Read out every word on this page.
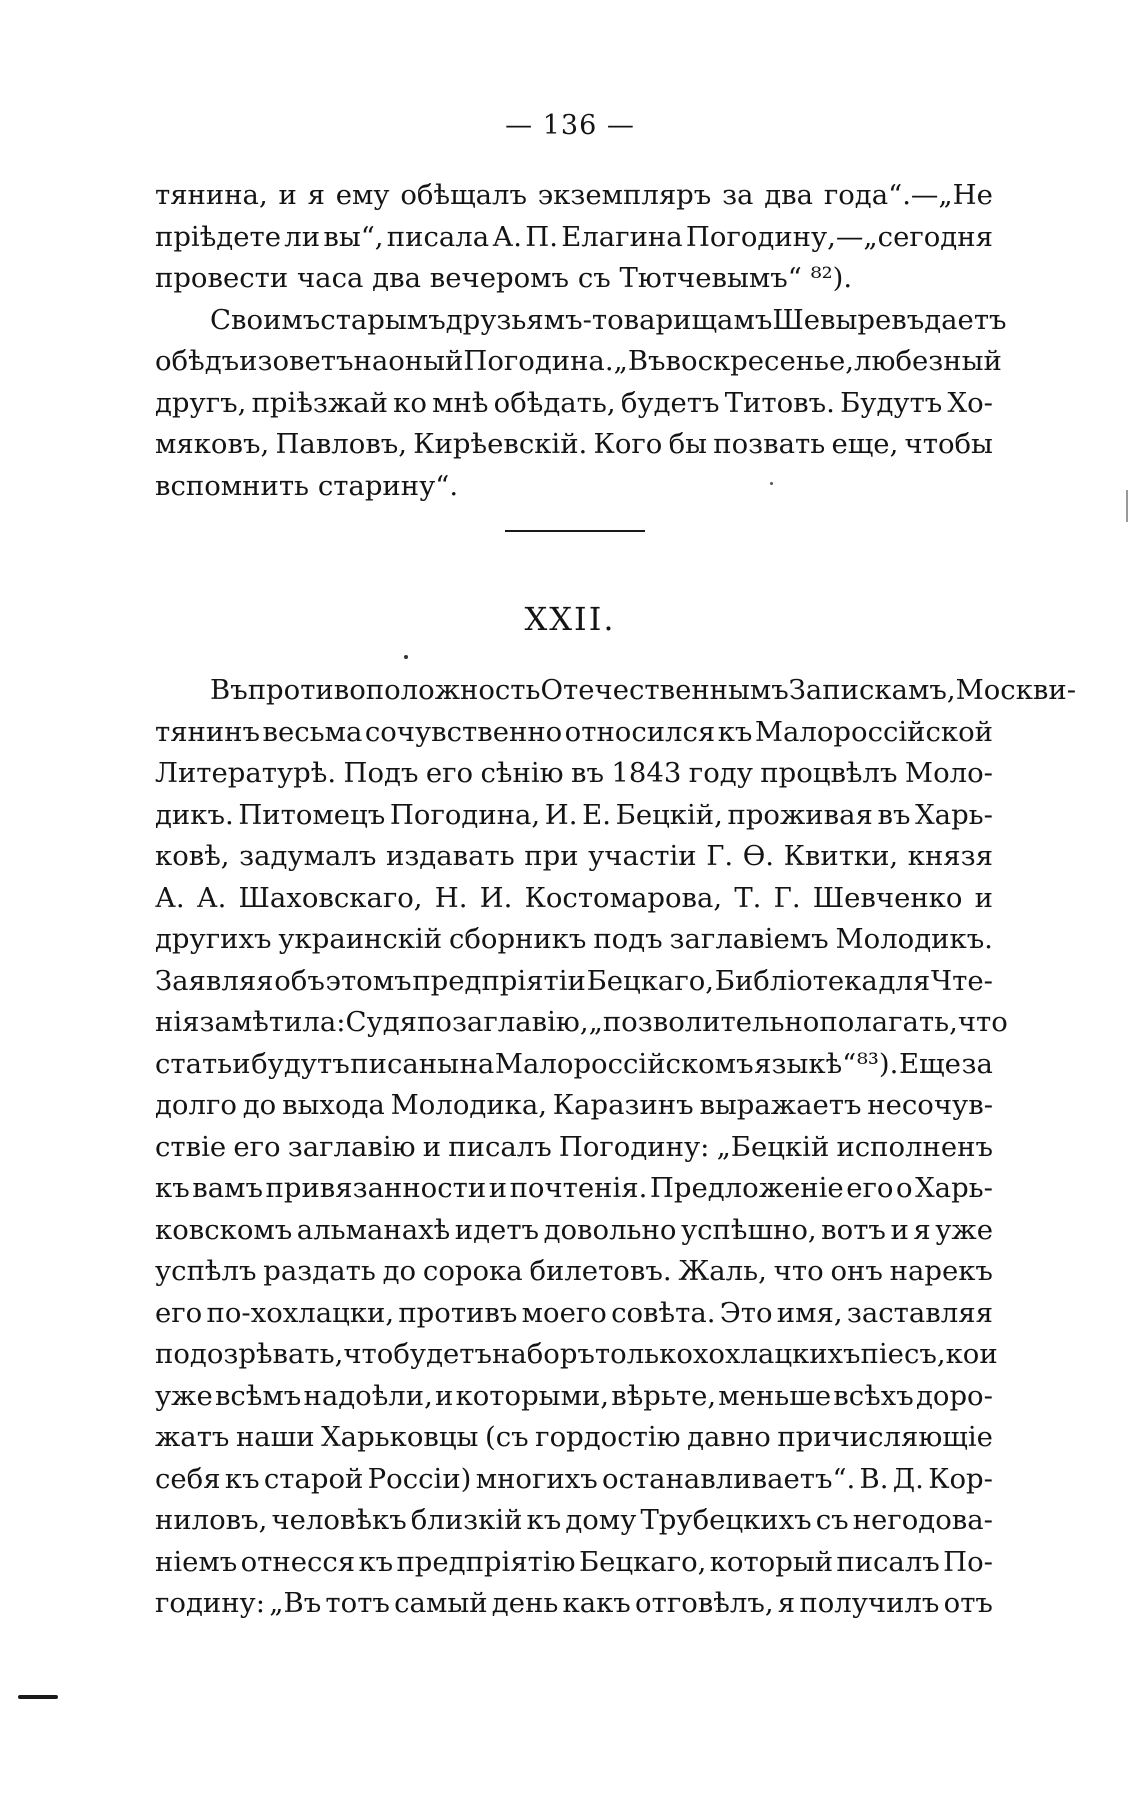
— 136 —
тянина, и я ему обѣщалъ экземпляръ за два года“.—„Не
пріѣдете ли вы“, писала А. П. Елагина Погодину,—„сегодня
провести часа два вечеромъ съ Тютчевымъ“ ⁸²).
Своимъ старымъ друзьямъ-товарищамъ Шевыревъ даетъ
обѣдъ и зоветъ на оный Погодина. „Въ воскресенье, любезный
другъ, пріѣзжай ко мнѣ обѣдать, будетъ Титовъ. Будутъ Хо-
мяковъ, Павловъ, Кирѣевскій. Кого бы позвать еще, чтобы
вспомнить старину“.
XXII.
Въ противоположность Отечественнымъ Запискамъ, Москви-
тянинъ весьма сочувственно относился къ Малороссійской
Литературѣ. Подъ его сѣнію въ 1843 году процвѣлъ Моло-
дикъ. Питомецъ Погодина, И. Е. Бецкій, проживая въ Харь-
ковѣ, задумалъ издавать при участіи Г. Ѳ. Квитки, князя
А. А. Шаховскаго, Н. И. Костомарова, Т. Г. Шевченко и
другихъ украинскій сборникъ подъ заглавіемъ Молодикъ.
Заявляя объ этомъ предпріятіи Бецкаго, Библіотека для Чте-
нія замѣтила: Судя по заглавію, „позволительно полагать, что
статьи будутъ писаны на Малороссійскомъ языкѣ“ ⁸³). Еще за
долго до выхода Молодика, Каразинъ выражаетъ несочув-
ствіе его заглавію и писалъ Погодину: „Бецкій исполненъ
къ вамъ привязанности и почтенія. Предложеніе его о Харь-
ковскомъ альманахѣ идетъ довольно успѣшно, вотъ и я уже
успѣлъ раздать до сорока билетовъ. Жаль, что онъ нарекъ
его по-хохлацки, противъ моего совѣта. Это имя, заставляя
подозрѣвать, что будетъ наборъ только хохлацкихъ піесъ, кои
уже всѣмъ надоѣли, и которыми, вѣрьте, меньше всѣхъ доро-
жатъ наши Харьковцы (съ гордостію давно причисляющіе
себя къ старой Россіи) многихъ останавливаетъ“. В. Д. Кор-
ниловъ, человѣкъ близкій къ дому Трубецкихъ съ негодова-
ніемъ отнесся къ предпріятію Бецкаго, который писалъ По-
годину: „Въ тотъ самый день какъ отговѣлъ, я получилъ отъ
